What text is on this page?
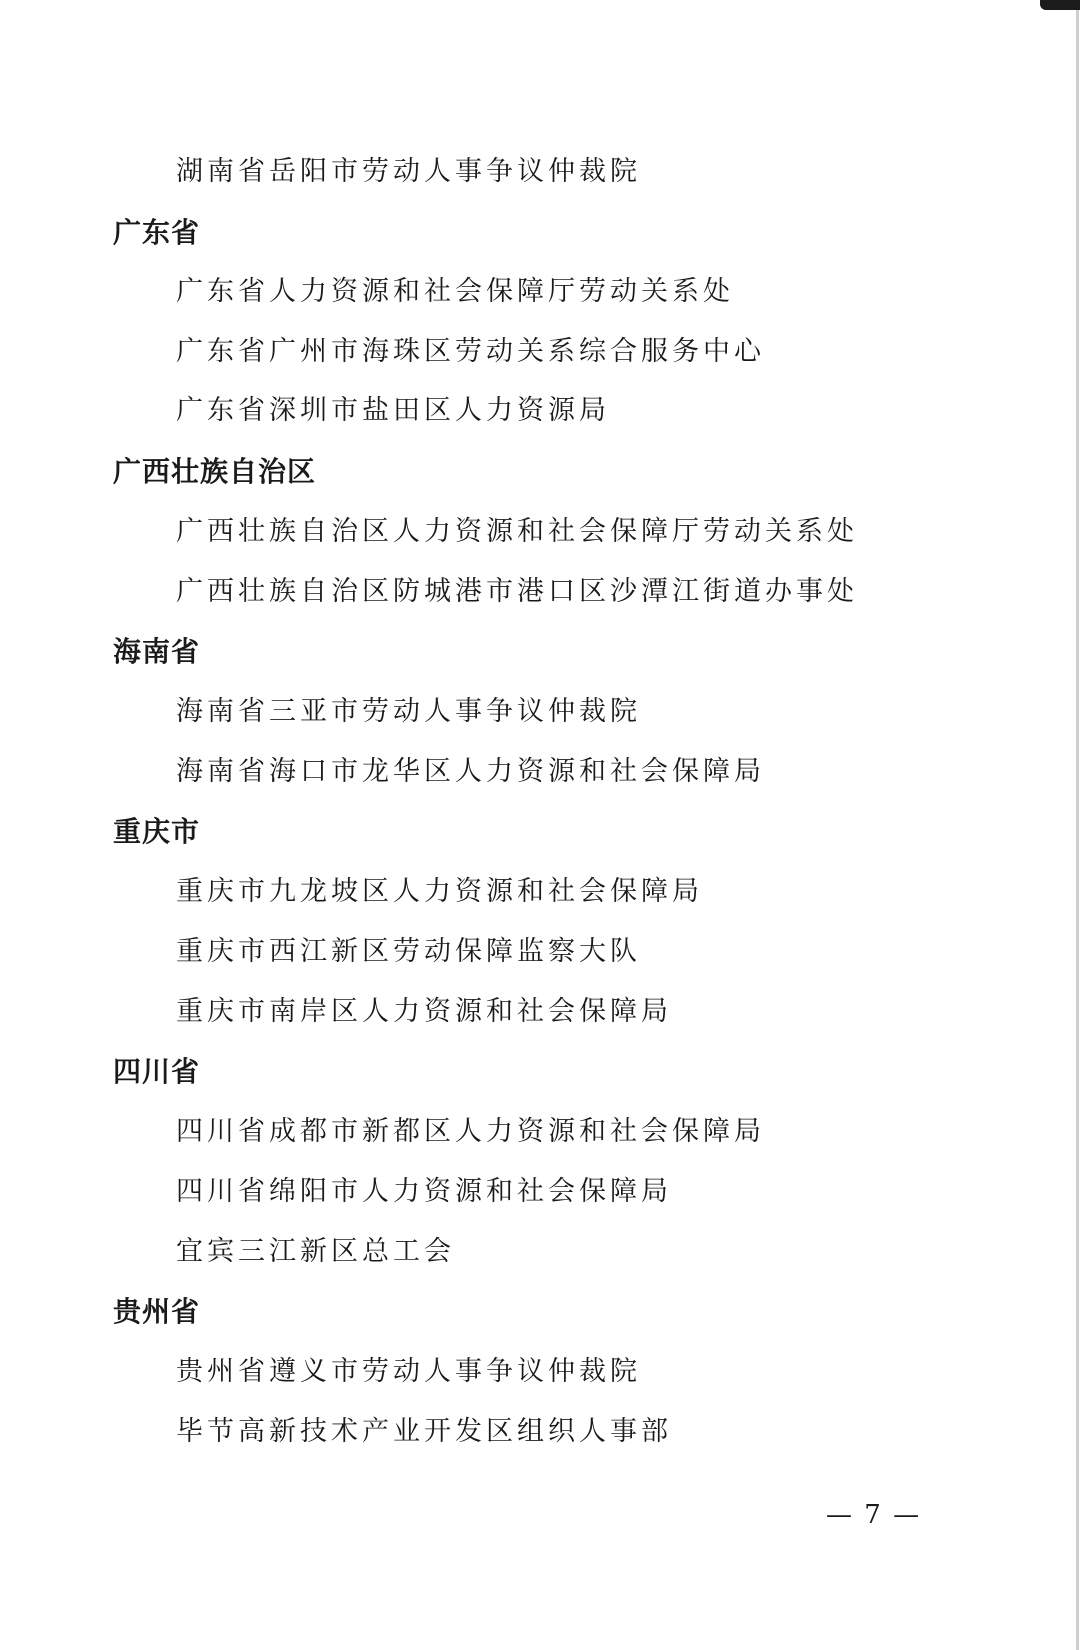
湖南省岳阳市劳动人事争议仲裁院
广东省
广东省人力资源和社会保障厅劳动关系处
广东省广州市海珠区劳动关系综合服务中心
广东省深圳市盐田区人力资源局
广西壮族自治区
广西壮族自治区人力资源和社会保障厅劳动关系处
广西壮族自治区防城港市港口区沙潭江街道办事处
海南省
海南省三亚市劳动人事争议仲裁院
海南省海口市龙华区人力资源和社会保障局
重庆市
重庆市九龙坡区人力资源和社会保障局
重庆市西江新区劳动保障监察大队
重庆市南岸区人力资源和社会保障局
四川省
四川省成都市新都区人力资源和社会保障局
四川省绵阳市人力资源和社会保障局
宜宾三江新区总工会
贵州省
贵州省遵义市劳动人事争议仲裁院
毕节高新技术产业开发区组织人事部
— 7 —
